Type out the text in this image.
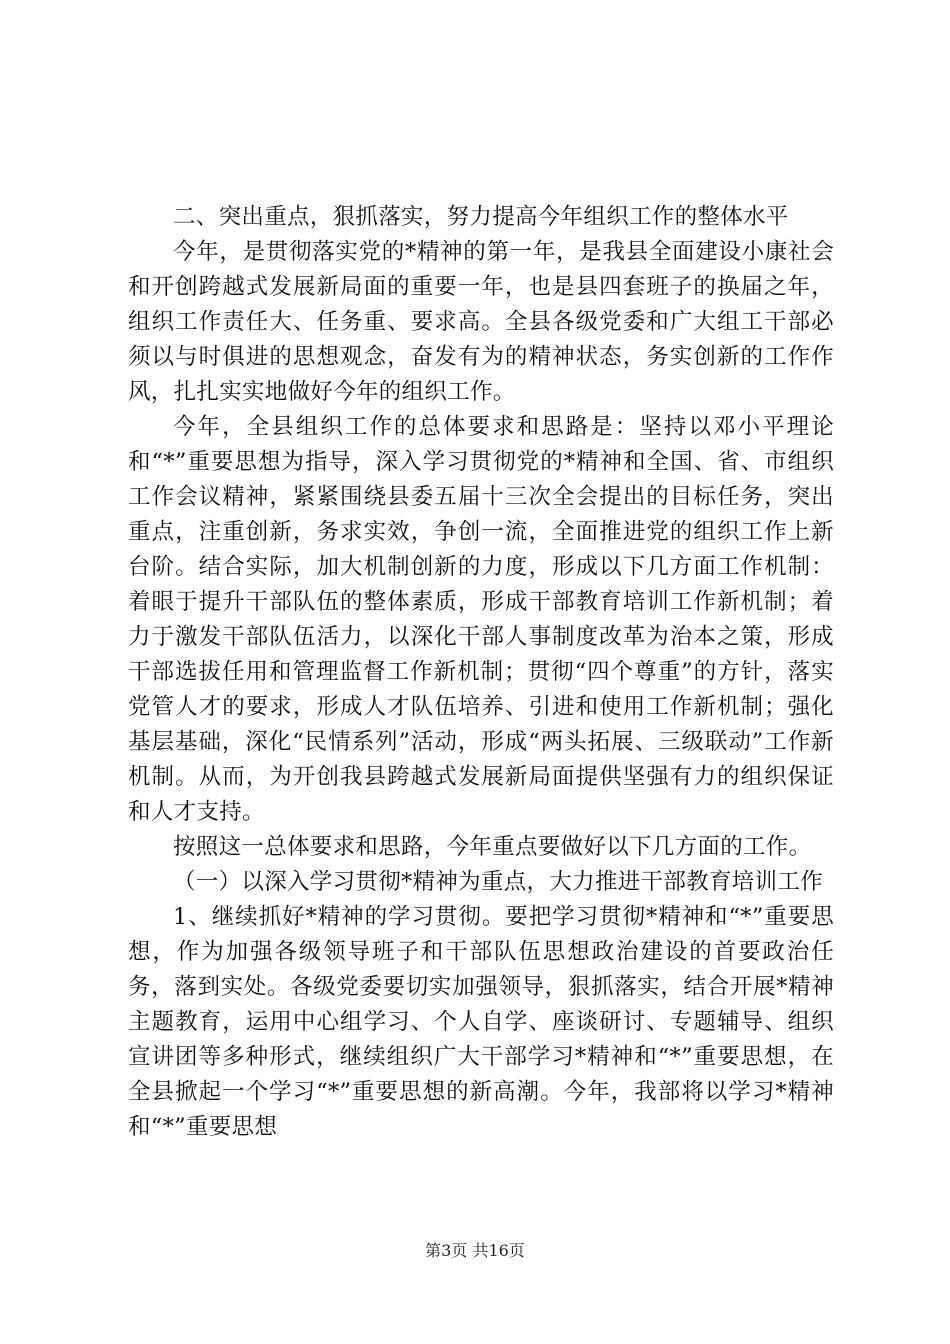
二、突出重点，狠抓落实，努力提高今年组织工作的整体水平

今年，是贯彻落实党的*精神的第一年，是我县全面建设小康社会和开创跨越式发展新局面的重要一年，也是县四套班子的换届之年，组织工作责任大、任务重、要求高。全县各级党委和广大组工干部必须以与时俱进的思想观念，奋发有为的精神状态，务实创新的工作作风，扎扎实实地做好今年的组织工作。

今年，全县组织工作的总体要求和思路是：坚持以邓小平理论和“*”重要思想为指导，深入学习贯彻党的*精神和全国、省、市组织工作会议精神，紧紧围绕县委五届十三次全会提出的目标任务，突出重点，注重创新，务求实效，争创一流，全面推进党的组织工作上新台阶。结合实际，加大机制创新的力度，形成以下几方面工作机制：着眼于提升干部队伍的整体素质，形成干部教育培训工作新机制；着力于激发干部队伍活力，以深化干部人事制度改革为治本之策，形成干部选拔任用和管理监督工作新机制；贯彻“四个尊重”的方针，落实党管人才的要求，形成人才队伍培养、引进和使用工作新机制；强化基层基础，深化“民情系列”活动，形成“两头拓展、三级联动”工作新机制。从而，为开创我县跨越式发展新局面提供坚强有力的组织保证和人才支持。

按照这一总体要求和思路，今年重点要做好以下几方面的工作。

（一）以深入学习贯彻*精神为重点，大力推进干部教育培训工作

1、继续抓好*精神的学习贯彻。要把学习贯彻*精神和“*”重要思想，作为加强各级领导班子和干部队伍思想政治建设的首要政治任务，落到实处。各级党委要切实加强领导，狠抓落实，结合开展*精神主题教育，运用中心组学习、个人自学、座谈研讨、专题辅导、组织宣讲团等多种形式，继续组织广大干部学习*精神和“*”重要思想，在全县掀起一个学习“*”重要思想的新高潮。今年，我部将以学习*精神和“*”重要思想

第3页 共16页
